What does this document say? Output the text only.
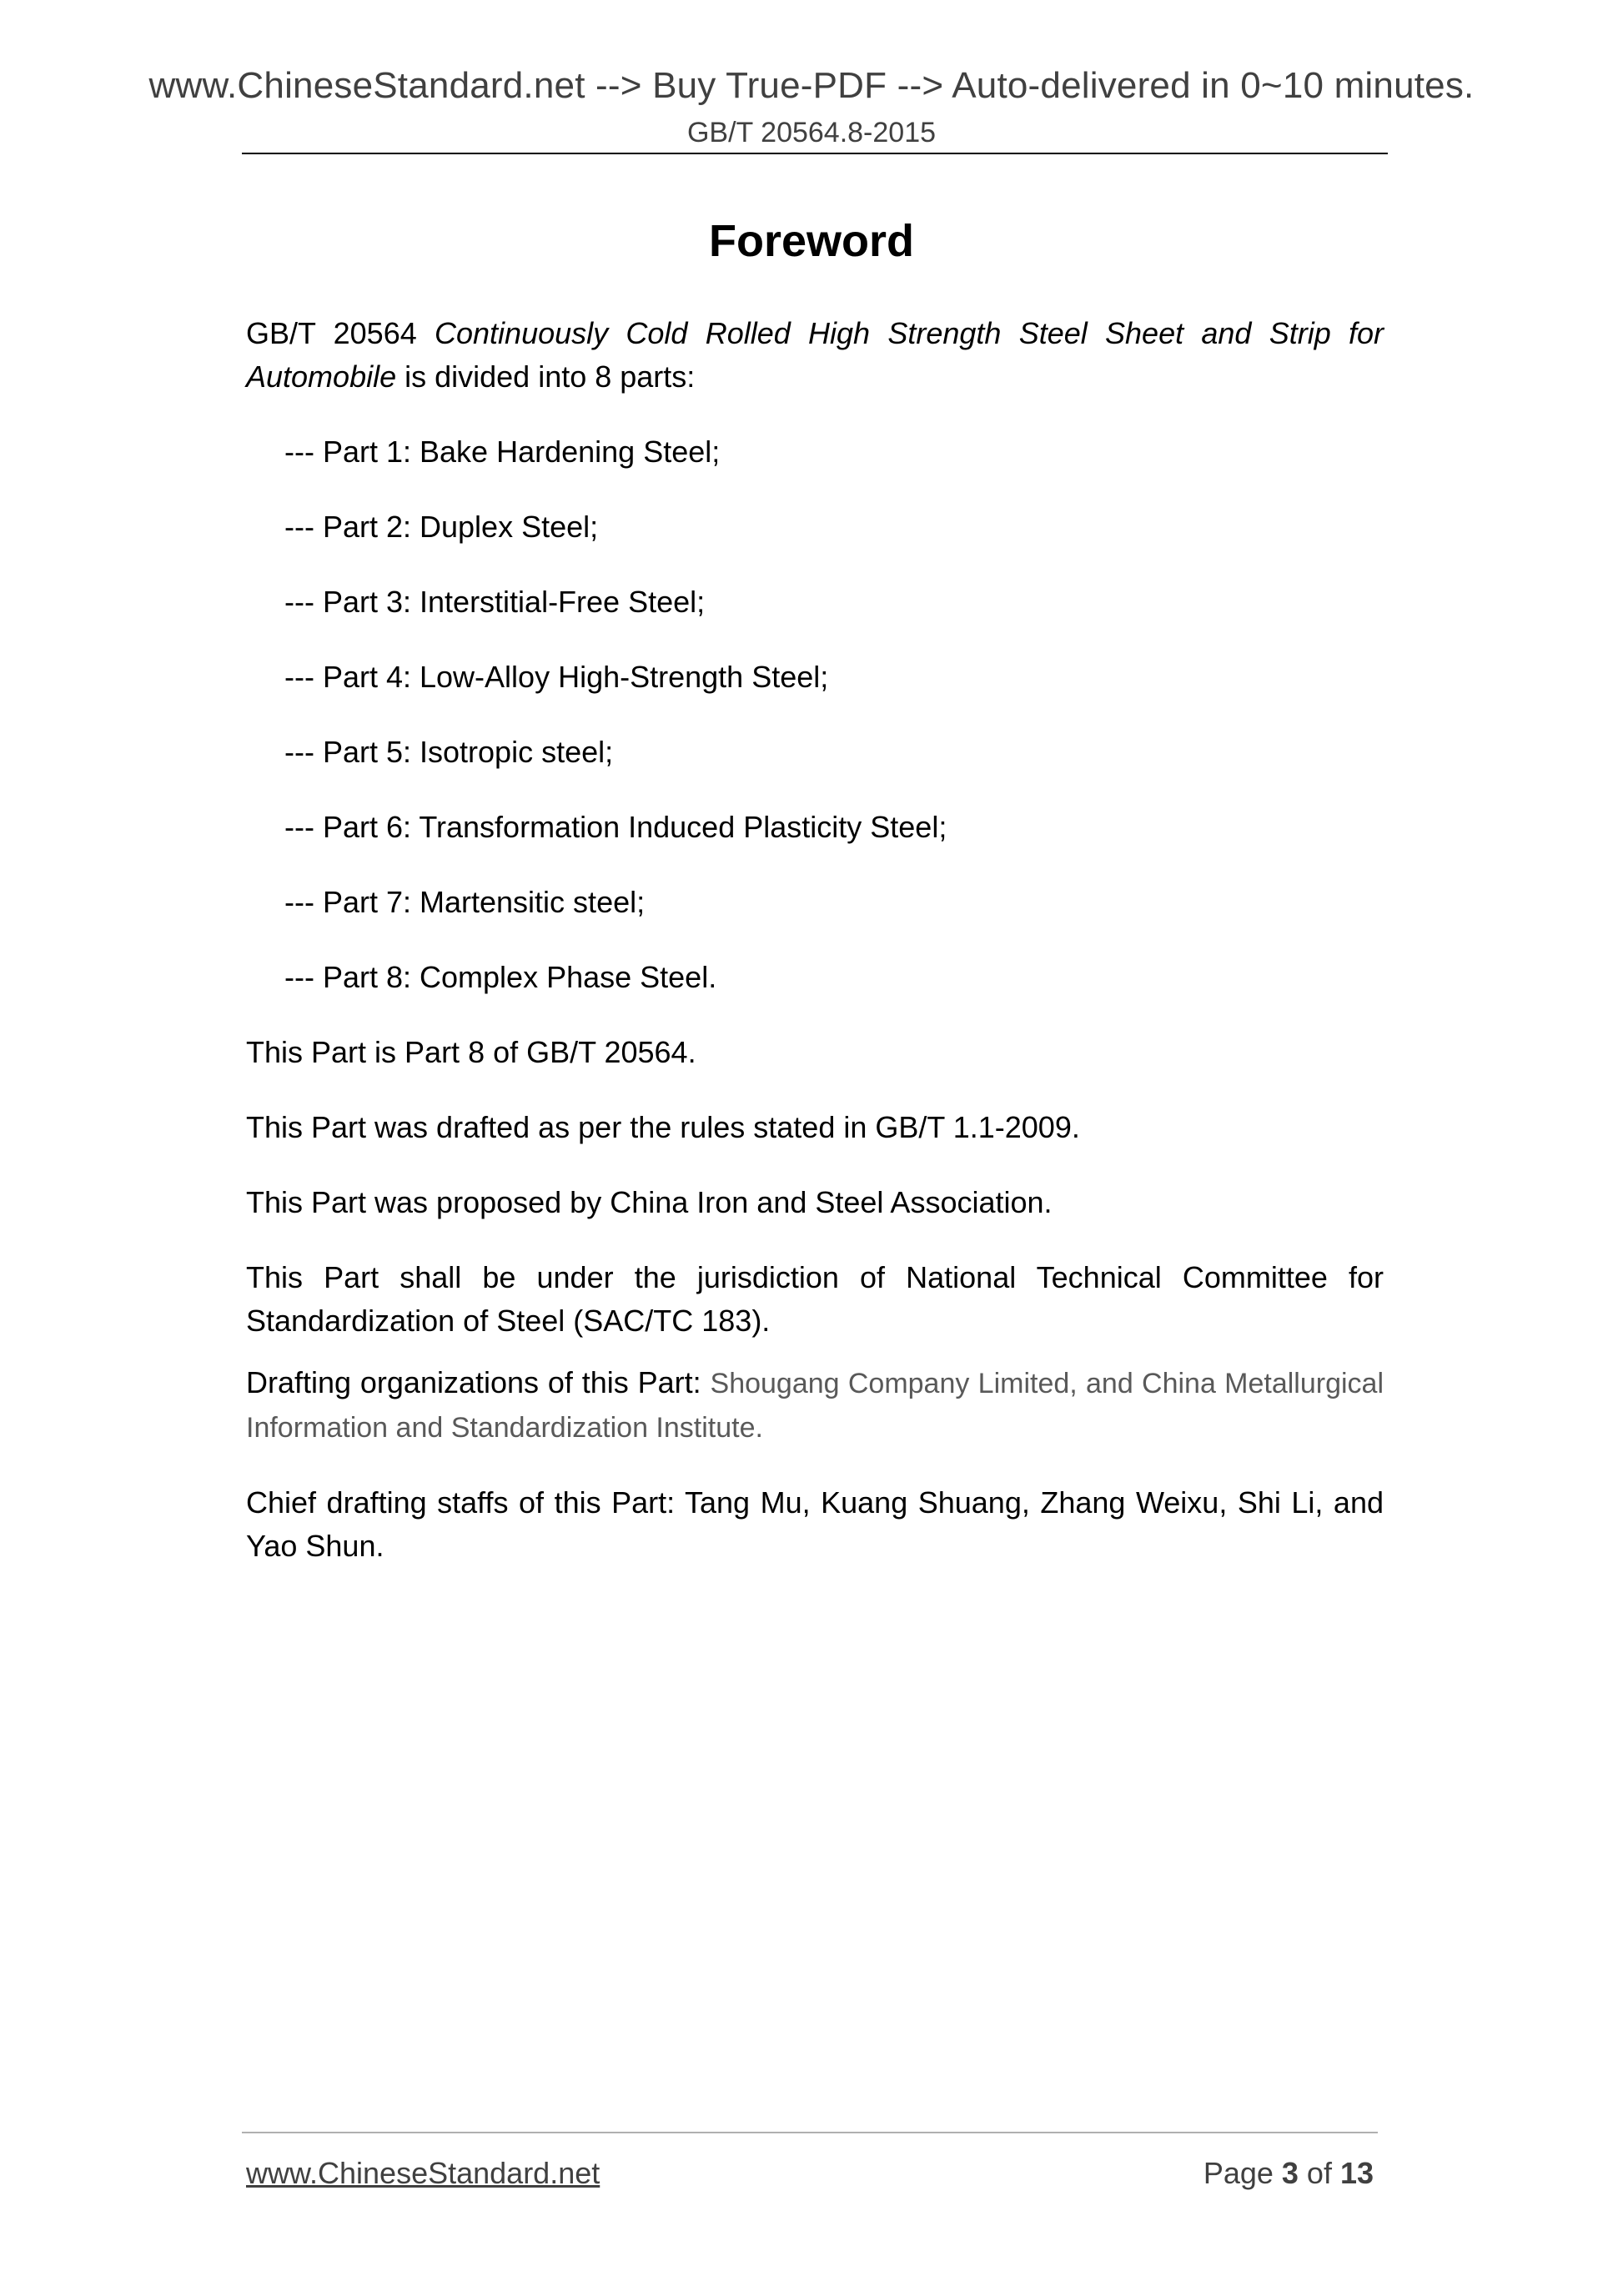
www.ChineseStandard.net --> Buy True-PDF --> Auto-delivered in 0~10 minutes.
GB/T 20564.8-2015
Foreword

GB/T 20564 Continuously Cold Rolled High Strength Steel Sheet and Strip for Automobile is divided into 8 parts:

--- Part 1: Bake Hardening Steel;
--- Part 2: Duplex Steel;
--- Part 3: Interstitial-Free Steel;
--- Part 4: Low-Alloy High-Strength Steel;
--- Part 5: Isotropic steel;
--- Part 6: Transformation Induced Plasticity Steel;
--- Part 7: Martensitic steel;
--- Part 8: Complex Phase Steel.

This Part is Part 8 of GB/T 20564.

This Part was drafted as per the rules stated in GB/T 1.1-2009.

This Part was proposed by China Iron and Steel Association.

This Part shall be under the jurisdiction of National Technical Committee for Standardization of Steel (SAC/TC 183).

Drafting organizations of this Part: Shougang Company Limited, and China Metallurgical Information and Standardization Institute.

Chief drafting staffs of this Part: Tang Mu, Kuang Shuang, Zhang Weixu, Shi Li, and Yao Shun.

www.ChineseStandard.net	Page 3 of 13
